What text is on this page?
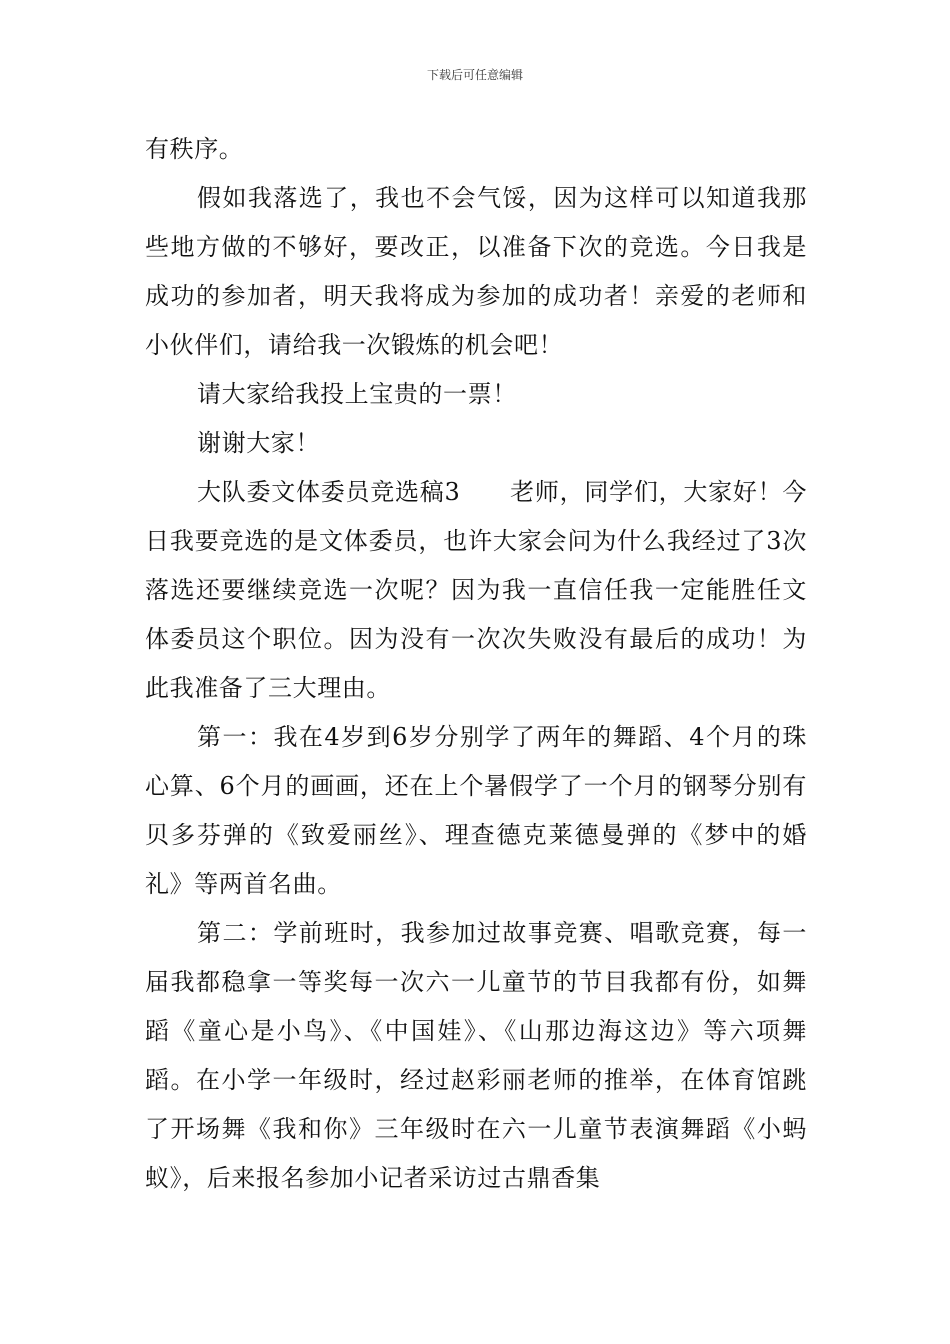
下载后可任意编辑

有秩序。

假如我落选了，我也不会气馁，因为这样可以知道我那些地方做的不够好，要改正，以准备下次的竞选。今日我是成功的参加者，明天我将成为参加的成功者！亲爱的老师和小伙伴们，请给我一次锻炼的机会吧！

请大家给我投上宝贵的一票！

谢谢大家！

大队委文体委员竞选稿3　　老师，同学们，大家好！今日我要竞选的是文体委员，也许大家会问为什么我经过了3次落选还要继续竞选一次呢？因为我一直信任我一定能胜任文体委员这个职位。因为没有一次次失败没有最后的成功！为此我准备了三大理由。

第一：我在4岁到6岁分别学了两年的舞蹈、4个月的珠心算、6个月的画画，还在上个暑假学了一个月的钢琴分别有贝多芬弹的《致爱丽丝》、理查德克莱德曼弹的《梦中的婚礼》等两首名曲。

第二：学前班时，我参加过故事竞赛、唱歌竞赛，每一届我都稳拿一等奖每一次六一儿童节的节目我都有份，如舞蹈《童心是小鸟》、《中国娃》、《山那边海这边》等六项舞蹈。在小学一年级时，经过赵彩丽老师的推举，在体育馆跳了开场舞《我和你》三年级时在六一儿童节表演舞蹈《小蚂蚁》，后来报名参加小记者采访过古鼎香集
